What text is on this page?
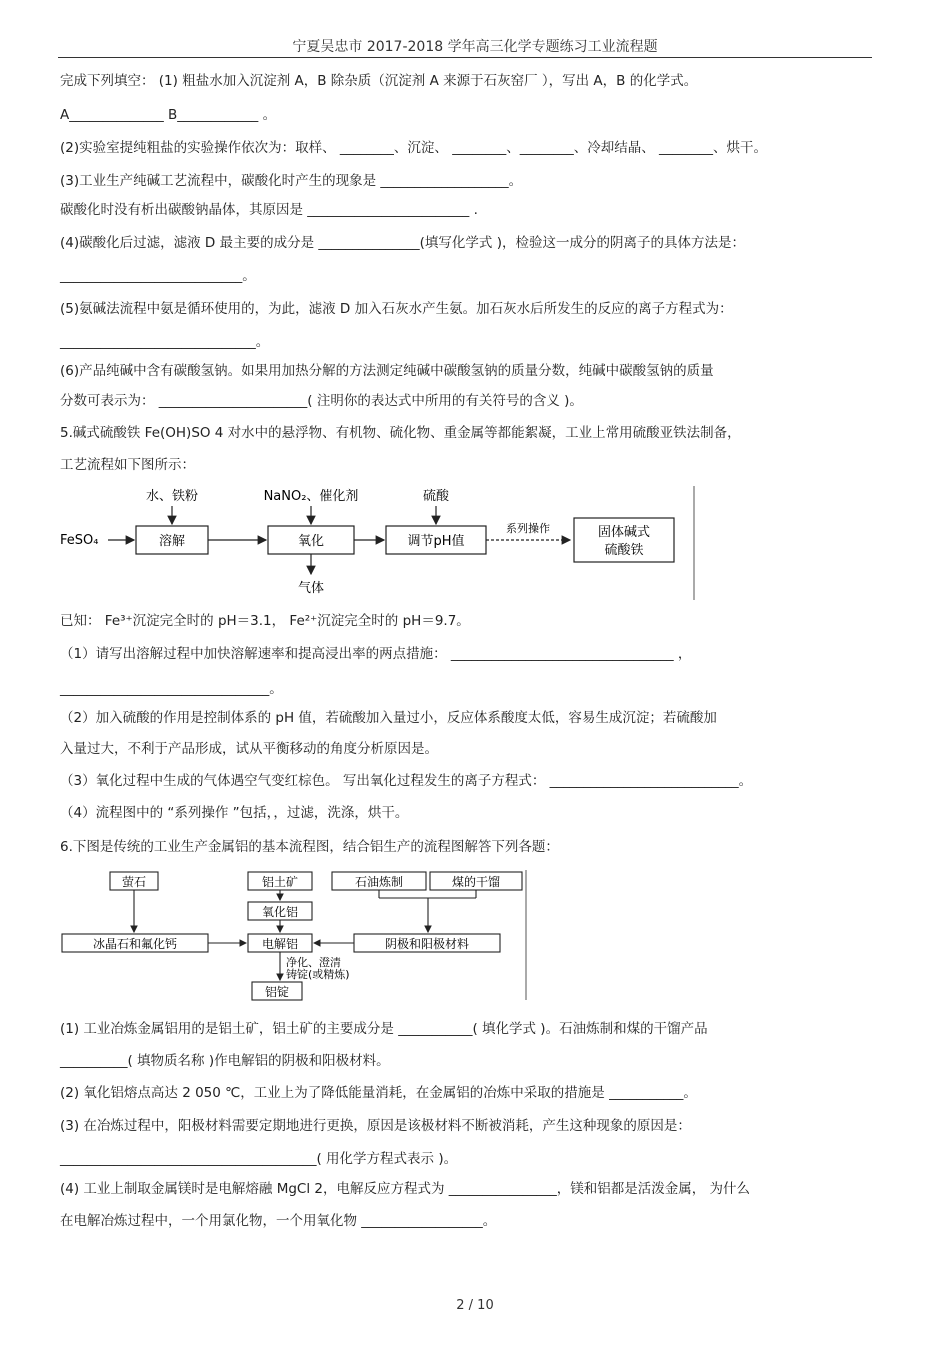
宁夏吴忠市 2017-2018 学年高三化学专题练习工业流程题
完成下列填空： (1) 粗盐水加入沉淀剂 A，B 除杂质（沉淀剂 A 来源于石灰窑厂 ），写出 A，B 的化学式。
A______________ B____________ 。
(2)实验室提纯粗盐的实验操作依次为：取样、 ________、沉淀、 ________、________、冷却结晶、 ________、烘干。
(3)工业生产纯碱工艺流程中，碳酸化时产生的现象是 ___________________。
碳酸化时没有析出碳酸钠晶体，其原因是 ________________________ .
(4)碳酸化后过滤，滤液 D 最主要的成分是 _______________(填写化学式 )，检验这一成分的阴离子的具体方法是：
___________________________。
(5)氨碱法流程中氨是循环使用的，为此，滤液 D 加入石灰水产生氨。加石灰水后所发生的反应的离子方程式为：
_____________________________。
(6)产品纯碱中含有碳酸氢钠。如果用加热分解的方法测定纯碱中碳酸氢钠的质量分数，纯碱中碳酸氢钠的质量
分数可表示为： ______________________( 注明你的表达式中所用的有关符号的含义 )。
5.碱式硫酸铁 Fe(OH)SO 4 对水中的悬浮物、有机物、硫化物、重金属等都能絮凝，工业上常用硫酸亚铁法制备，
工艺流程如下图所示：
FeSO₄	溶解
水、铁粉
氧化
NaNO₂、催化剂
气体
调节pH值
硫酸
系列操作	固体碱式
硫酸铁
已知： Fe³⁺沉淀完全时的 pH＝3.1， Fe²⁺沉淀完全时的 pH＝9.7。
（1）请写出溶解过程中加快溶解速率和提高浸出率的两点措施： _________________________________ ，
_______________________________。
（2）加入硫酸的作用是控制体系的 pH 值，若硫酸加入量过小，反应体系酸度太低，容易生成沉淀；若硫酸加
入量过大，不利于产品形成，试从平衡移动的角度分析原因是。
（3）氧化过程中生成的气体遇空气变红棕色。 写出氧化过程发生的离子方程式： ____________________________。
（4）流程图中的 “系列操作 ”包括，，过滤，洗涤，烘干。
6.下图是传统的工业生产金属铝的基本流程图，结合铝生产的流程图解答下列各题：
萤石
冰晶石和氟化钙
铝土矿
氧化铝
电解铝
石油炼制	煤的干馏
阴极和阳极材料
净化、澄清
铸锭(或精炼)
铝锭
(1) 工业冶炼金属铝用的是铝土矿，铝土矿的主要成分是 ___________( 填化学式 )。石油炼制和煤的干馏产品
__________( 填物质名称 )作电解铝的阴极和阳极材料。
(2) 氧化铝熔点高达 2 050 ℃，工业上为了降低能量消耗，在金属铝的冶炼中采取的措施是 ___________。
(3) 在冶炼过程中，阳极材料需要定期地进行更换，原因是该极材料不断被消耗，产生这种现象的原因是：
______________________________________( 用化学方程式表示 )。
(4) 工业上制取金属镁时是电解熔融 MgCl 2，电解反应方程式为 ________________，镁和铝都是活泼金属， 为什么
在电解冶炼过程中，一个用氯化物，一个用氧化物 __________________。
2 / 10
